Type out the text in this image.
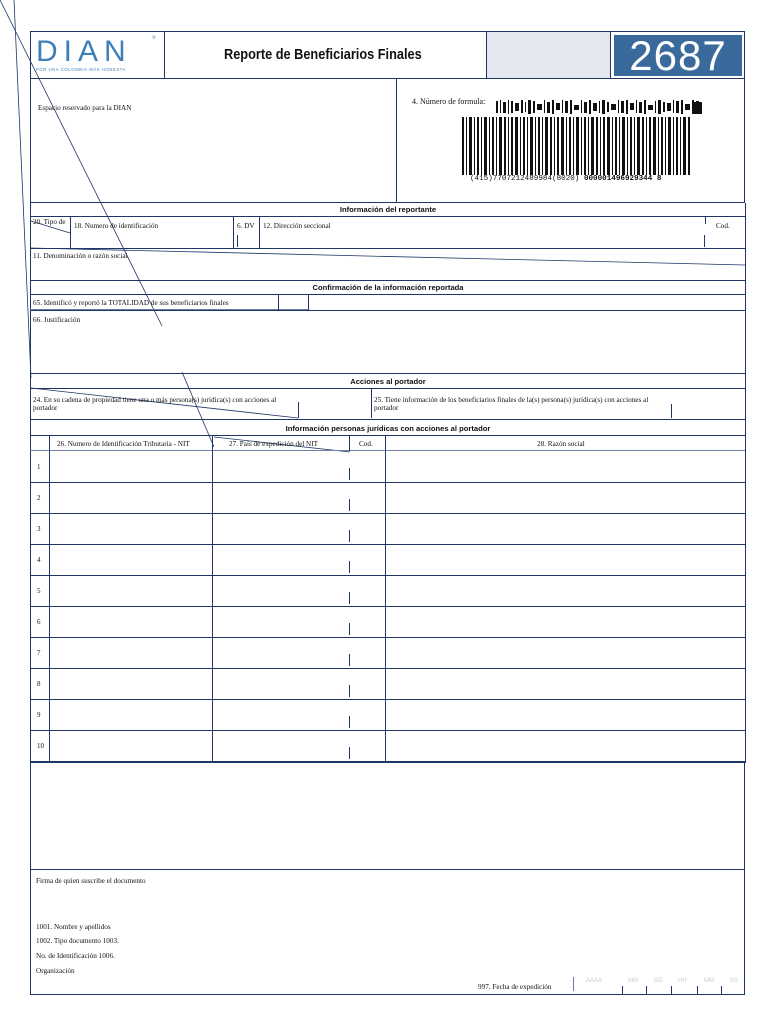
DIAN	®
POR UNA COLOMBIA MÁS HONESTA
Reporte de Beneficiarios Finales	2687
Espacio reservado para la DIAN
4. Número de formula:
(415)7707212489984(8020) 000001496929344 8
Información del reportante
20. Tipo de 18. Numero de identificación	6. DV 12. Dirección seccional	Cod.
11. Denominación o razón social
Confirmación de la información reportada
65. Identificó y reportó la TOTALIDAD de sus beneficiarios finales
66. Justificación
Acciones al portador
24. En su cadena de propiedad tiene una o más persona(s) jurídica(s) con acciones al portador
25. Tiene información de los beneficiarios finales de la(s) persona(s) jurídica(s) con acciones al portador
Información personas jurídicas con acciones al portador
26. Numero de Identificación Tributaria - NIT	27. País de expedición del NIT	Cod.	28. Razón social
1
2
3
4
5
6
7
8
9
10
Firma de quien suscribe el documento
1001. Nombre y apellidos
1002. Tipo documento 1003.
No. de Identificación 1006.
Organización
997. Fecha de expedición
AAAA	MM	DD	HH	MM	SS
